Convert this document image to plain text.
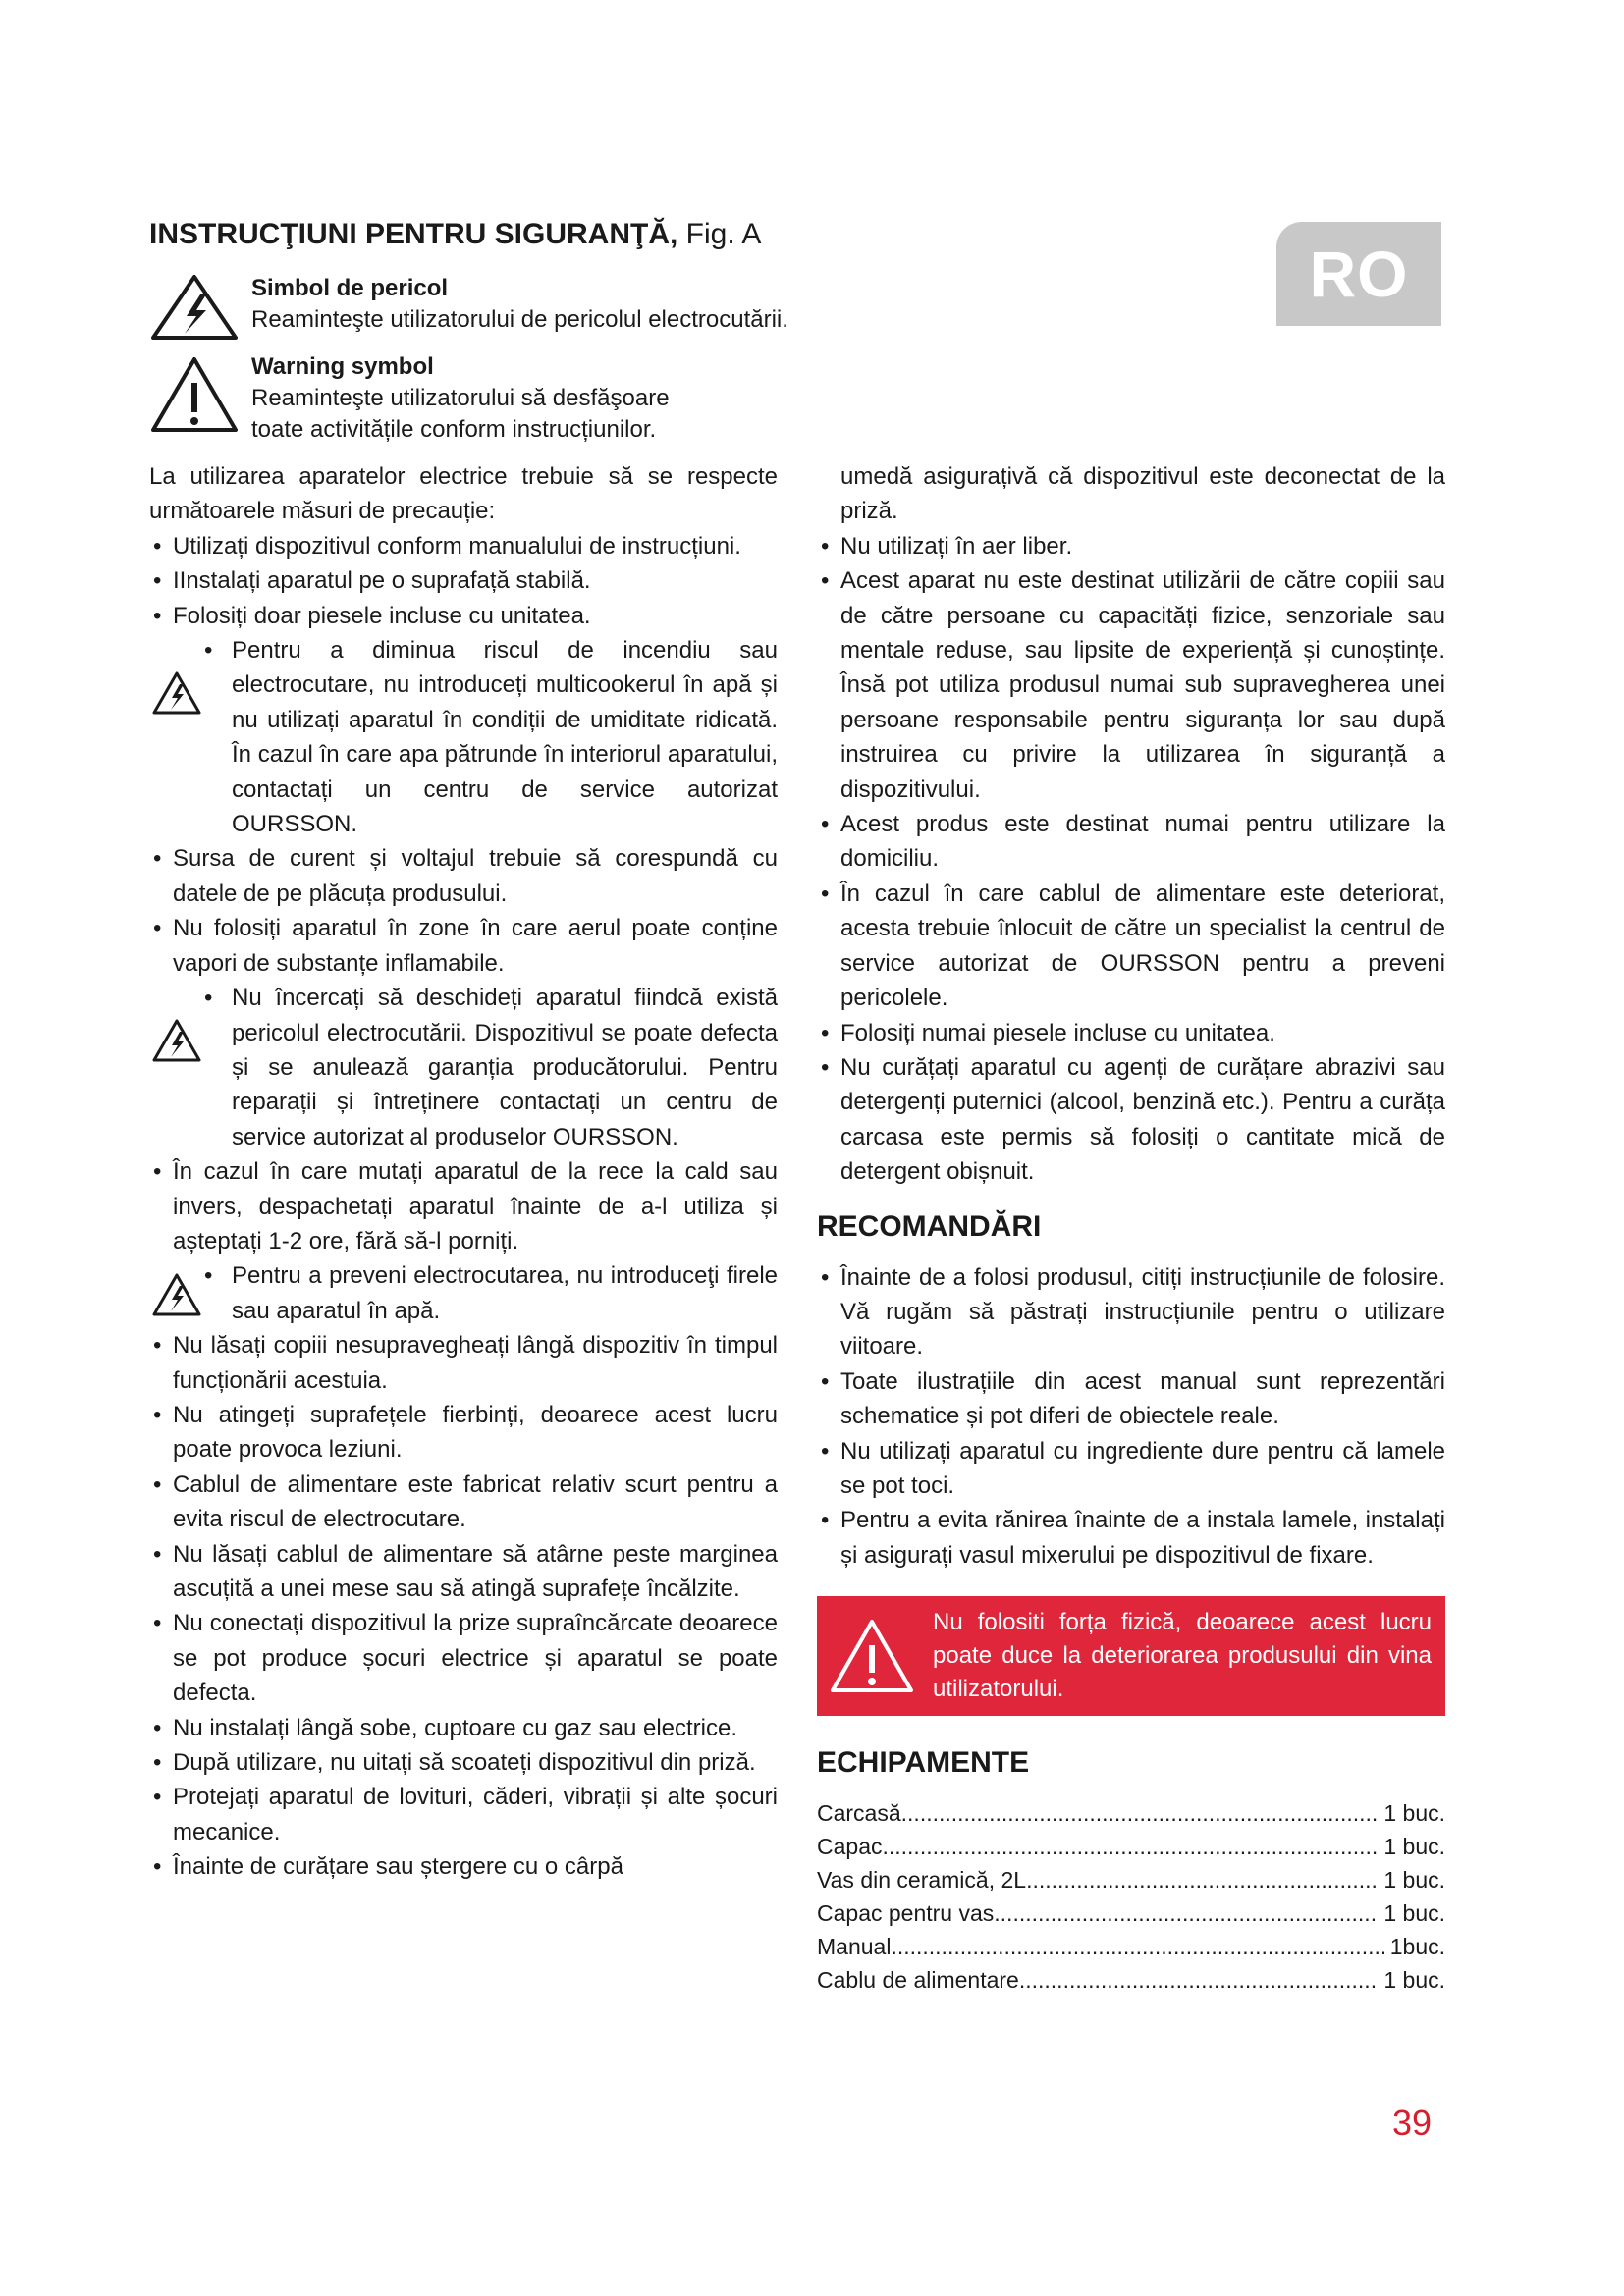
INSTRUCŢIUNI PENTRU SIGURANŢĂ, Fig. A
RO
Simbol de pericol
Reaminteşte utilizatorului de pericolul electrocutării.
Warning symbol
Reaminteşte utilizatorului să desfăşoare
toate activitățile conform instrucțiunilor.

La utilizarea aparatelor electrice trebuie să se respecte următoarele măsuri de precauție:

• Utilizați dispozitivul conform manualului de instrucțiuni.
• IInstalați aparatul pe o suprafață stabilă.
• Folosiți doar piesele incluse cu unitatea.
• Pentru a diminua riscul de incendiu sau electrocutare, nu introduceți multicookerul în apă și nu utilizați aparatul în condiții de umiditate ridicată. În cazul în care apa pătrunde în interiorul aparatului, contactați un centru de service autorizat OURSSON.
• Sursa de curent și voltajul trebuie să corespundă cu datele de pe plăcuța produsului.
• Nu folosiți aparatul în zone în care aerul poate conține vapori de substanțe inflamabile.
• Nu încercați să deschideți aparatul fiindcă există pericolul electrocutării. Dispozitivul se poate defecta și se anulează garanția producătorului. Pentru reparații și întreținere contactați un centru de service autorizat al produselor OURSSON.
• În cazul în care mutați aparatul de la rece la cald sau invers, despachetați aparatul înainte de a-l utiliza și așteptați 1-2 ore, fără să-l porniți.
• Pentru a preveni electrocutarea, nu introduceţi firele sau aparatul în apă.
• Nu lăsați copiii nesupravegheați lângă dispozitiv în timpul funcționării acestuia.
• Nu atingeți suprafețele fierbinți, deoarece acest lucru poate provoca leziuni.
• Cablul de alimentare este fabricat relativ scurt pentru a evita riscul de electrocutare.
• Nu lăsați cablul de alimentare să atârne peste marginea ascuțită a unei mese sau să atingă suprafețe încălzite.
• Nu conectați dispozitivul la prize supraîncărcate deoarece se pot produce șocuri electrice și aparatul se poate defecta.
• Nu instalați lângă sobe, cuptoare cu gaz sau electrice.
• După utilizare, nu uitați să scoateți dispozitivul din priză.
• Protejați aparatul de lovituri, căderi, vibrații și alte șocuri mecanice.
• Înainte de curățare sau ștergere cu o cârpă

umedă asigurațivă că dispozitivul este deconectat de la priză.

• Nu utilizați în aer liber.
• Acest aparat nu este destinat utilizării de către copiii sau de către persoane cu capacități fizice, senzoriale sau mentale reduse, sau lipsite de experiență și cunoștințe. Însă pot utiliza produsul numai sub supravegherea unei persoane responsabile pentru siguranța lor sau după instruirea cu privire la utilizarea în siguranță a dispozitivului.
• Acest produs este destinat numai pentru utilizare la domiciliu.
• În cazul în care cablul de alimentare este deteriorat, acesta trebuie înlocuit de către un specialist la centrul de service autorizat de OURSSON pentru a preveni pericolele.
• Folosiți numai piesele incluse cu unitatea.
• Nu curățați aparatul cu agenți de curățare abrazivi sau detergenți puternici (alcool, benzină etc.). Pentru a curăța carcasa este permis să folosiți o cantitate mică de detergent obișnuit.
RECOMANDĂRI
• Înainte de a folosi produsul, citiți instrucțiunile de folosire. Vă rugăm să păstrați instrucțiunile pentru o utilizare viitoare.
• Toate ilustrațiile din acest manual sunt reprezentări schematice și pot diferi de obiectele reale.
• Nu utilizați aparatul cu ingrediente dure pentru că lamele se pot toci.
• Pentru a evita rănirea înainte de a instala lamele, instalați și asigurați vasul mixerului pe dispozitivul de fixare.
Nu folositi forța fizică, deoarece acest lucru poate duce la deteriorarea produsului din vina utilizatorului.
ECHIPAMENTE
Carcasă .....	1 buc.
Capac .....	1 buc.
Vas din ceramică, 2L .....	1 buc.
Capac pentru vas .....	1 buc.
Manual .....	1buc.
Cablu de alimentare .....	1 buc.
39
